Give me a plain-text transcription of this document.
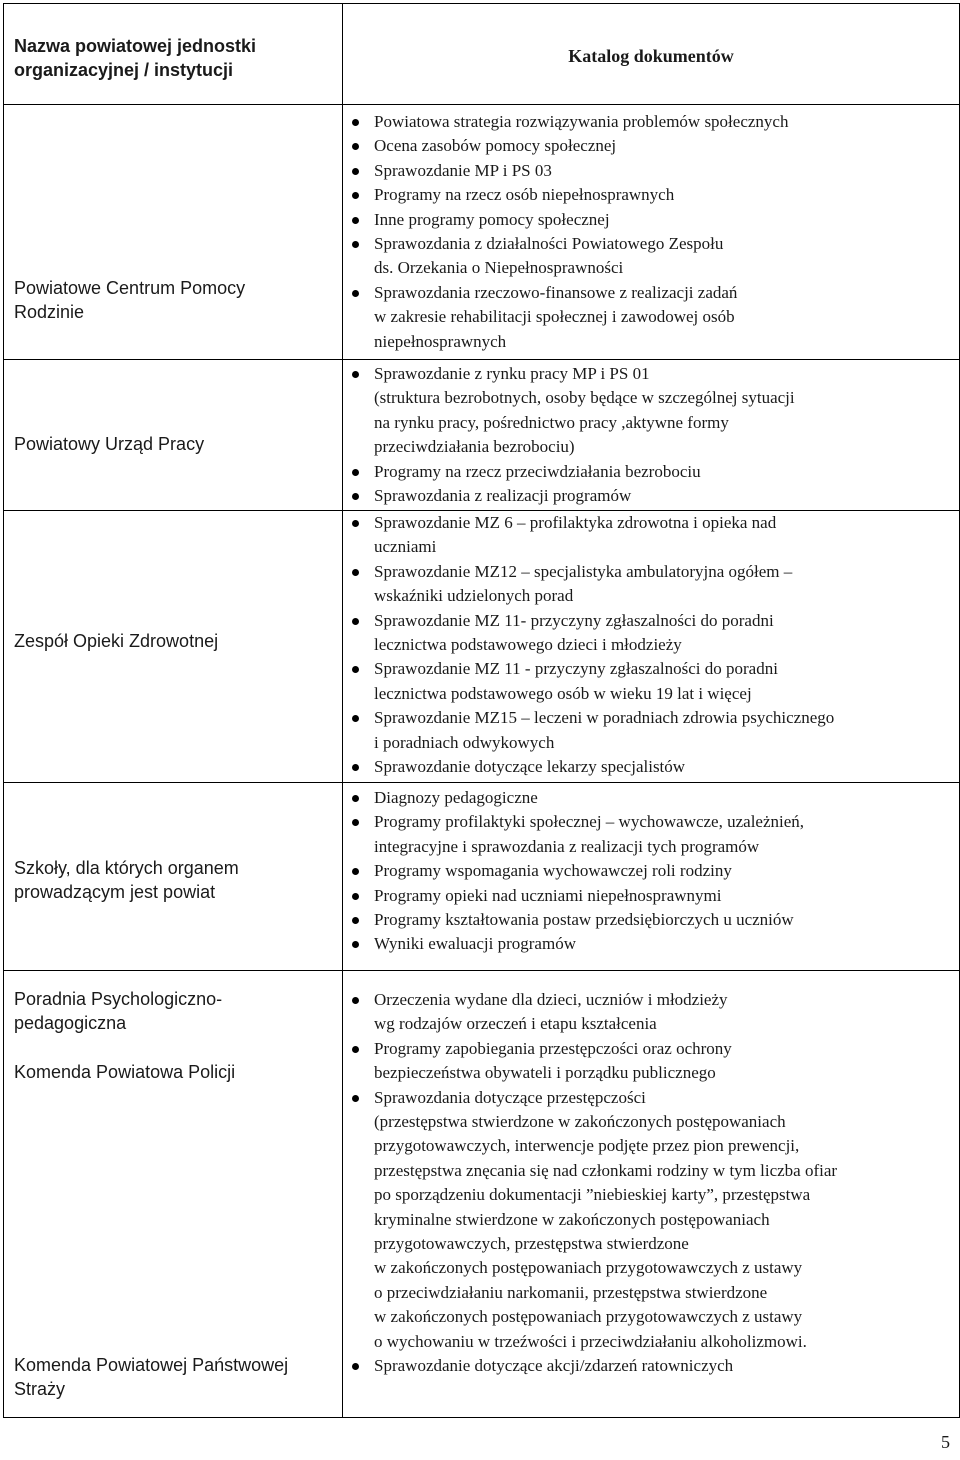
Nazwa powiatowej jednostki
organizacyjnej / instytucji
Katalog dokumentów
Powiatowe Centrum Pomocy
Rodzinie
Powiatowy Urząd Pracy
Zespół Opieki Zdrowotnej
Szkoły, dla których organem
prowadzącym jest powiat
Poradnia Psychologiczno-
pedagogiczna
Komenda Powiatowa Policji
Komenda Powiatowej Państwowej
Straży
Powiatowa strategia rozwiązywania problemów społecznych
Ocena zasobów pomocy społecznej
Sprawozdanie MP i PS 03
Programy na rzecz osób niepełnosprawnych
Inne programy pomocy społecznej
Sprawozdania z działalności Powiatowego Zespołu
ds. Orzekania o Niepełnosprawności
Sprawozdania rzeczowo-finansowe z realizacji zadań
w zakresie rehabilitacji społecznej i zawodowej osób
niepełnosprawnych
Sprawozdanie z rynku pracy MP i PS 01
(struktura bezrobotnych, osoby będące w szczególnej sytuacji
na rynku pracy, pośrednictwo pracy ,aktywne formy
przeciwdziałania bezrobociu)
Programy na rzecz przeciwdziałania bezrobociu
Sprawozdania z realizacji programów
Sprawozdanie MZ 6 – profilaktyka zdrowotna i opieka nad
uczniami
Sprawozdanie MZ12 – specjalistyka ambulatoryjna ogółem –
wskaźniki udzielonych porad
Sprawozdanie MZ 11- przyczyny zgłaszalności do poradni
lecznictwa podstawowego dzieci i młodzieży
Sprawozdanie MZ 11 - przyczyny zgłaszalności do poradni
lecznictwa podstawowego osób w wieku 19 lat i więcej
Sprawozdanie MZ15 – leczeni w poradniach zdrowia psychicznego
i poradniach odwykowych
Sprawozdanie dotyczące lekarzy specjalistów
Diagnozy pedagogiczne
Programy profilaktyki społecznej – wychowawcze, uzależnień,
integracyjne i sprawozdania z realizacji tych programów
Programy wspomagania wychowawczej roli rodziny
Programy opieki nad uczniami niepełnosprawnymi
Programy kształtowania postaw przedsiębiorczych u uczniów
Wyniki ewaluacji programów
Orzeczenia wydane dla dzieci, uczniów i młodzieży
wg rodzajów orzeczeń i etapu kształcenia
Programy zapobiegania przestępczości oraz ochrony
bezpieczeństwa obywateli i porządku publicznego
Sprawozdania dotyczące przestępczości
(przestępstwa stwierdzone w zakończonych postępowaniach
przygotowawczych, interwencje podjęte przez pion prewencji,
przestępstwa znęcania się nad członkami rodziny w tym liczba ofiar
po sporządzeniu dokumentacji ”niebieskiej karty”, przestępstwa
kryminalne stwierdzone w zakończonych postępowaniach
przygotowawczych, przestępstwa stwierdzone
w zakończonych postępowaniach przygotowawczych z ustawy
o przeciwdziałaniu narkomanii, przestępstwa stwierdzone
w zakończonych postępowaniach przygotowawczych z ustawy
o wychowaniu w trzeźwości i przeciwdziałaniu alkoholizmowi.
Sprawozdanie dotyczące akcji/zdarzeń ratowniczych
5
